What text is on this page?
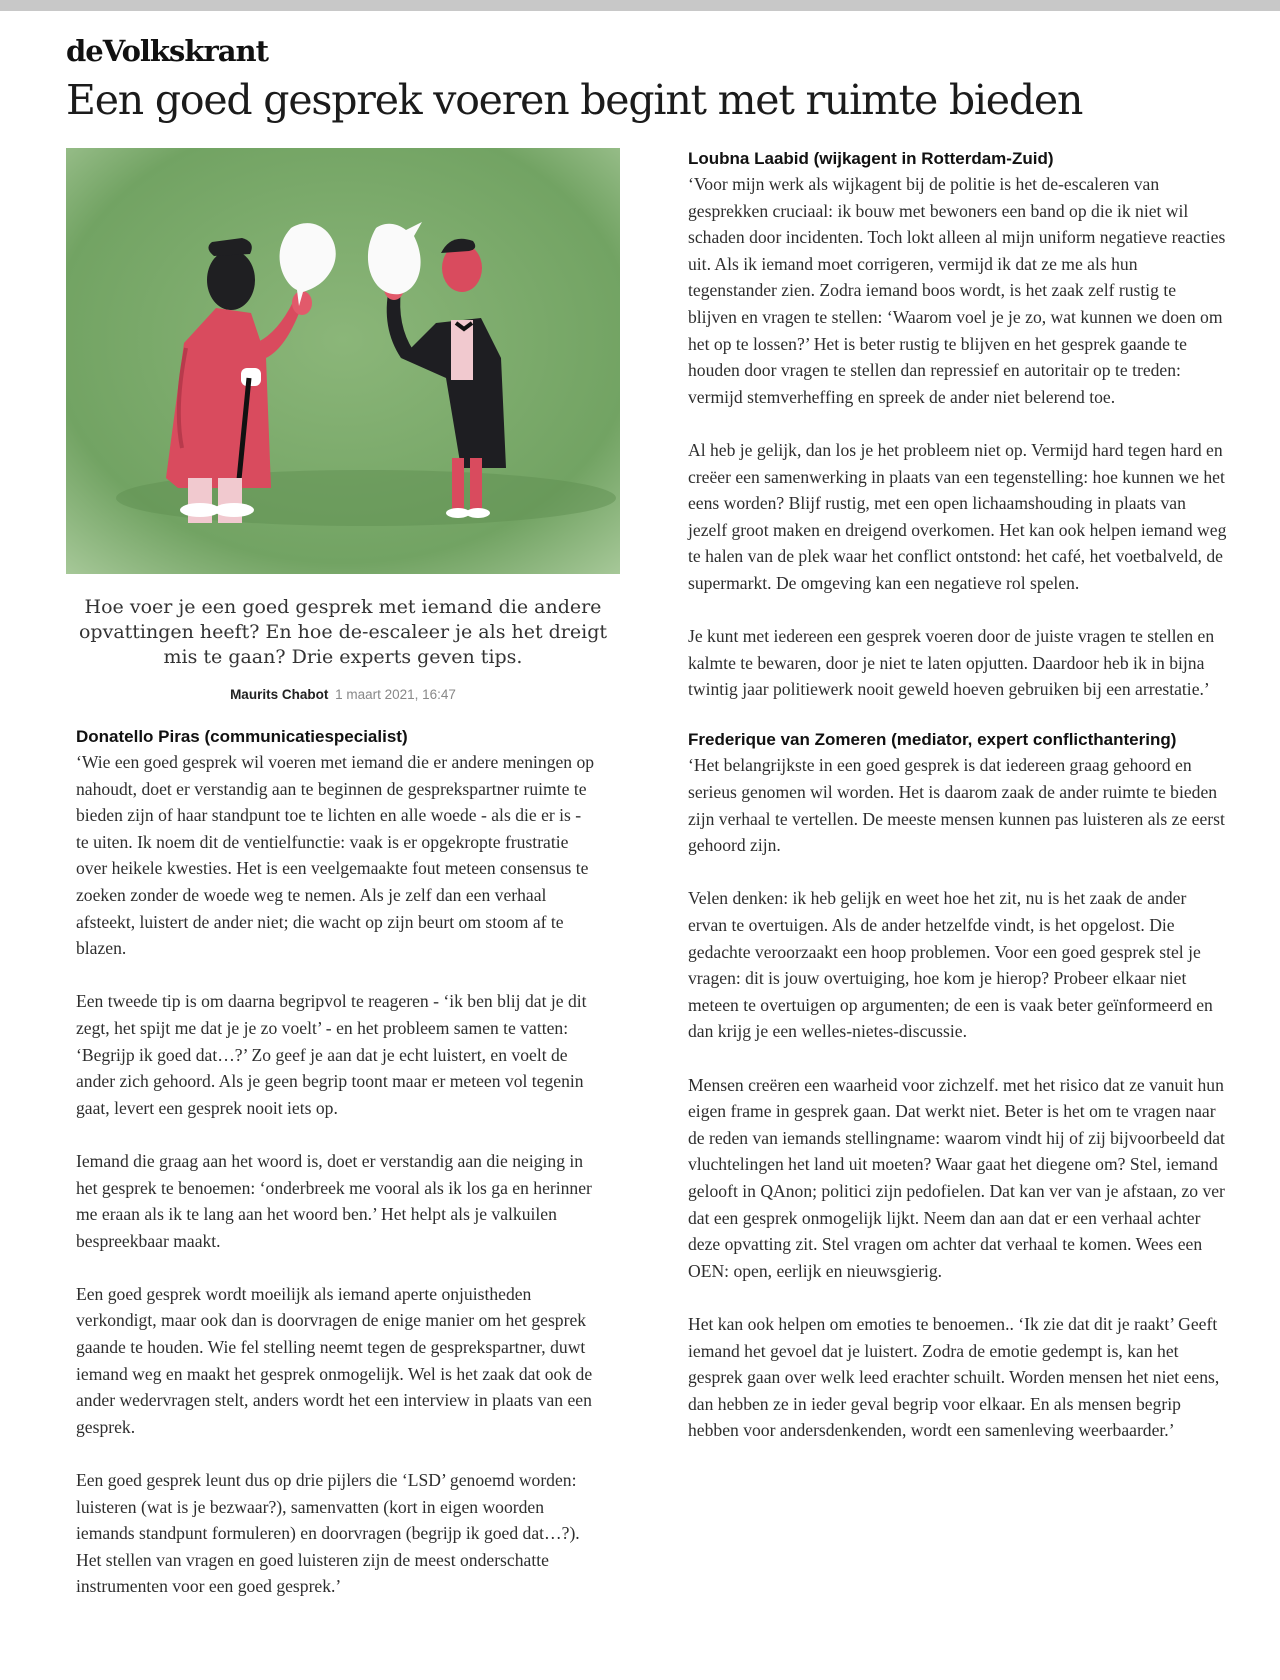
deVolkskrant
Een goed gesprek voeren begint met ruimte bieden

Hoe voer je een goed gesprek met iemand die andere opvattingen heeft? En hoe de-escaleer je als het dreigt mis te gaan? Drie experts geven tips.

Maurits Chabot 1 maart 2021, 16:47
Donatello Piras (communicatiespecialist)

‘Wie een goed gesprek wil voeren met iemand die er andere meningen op nahoudt, doet er verstandig aan te beginnen de gesprekspartner ruimte te bieden zijn of haar standpunt toe te lichten en alle woede - als die er is - te uiten. Ik noem dit de ventielfunctie: vaak is er opgekropte frustratie over heikele kwesties. Het is een veelgemaakte fout meteen consensus te zoeken zonder de woede weg te nemen. Als je zelf dan een verhaal afsteekt, luistert de ander niet; die wacht op zijn beurt om stoom af te blazen.

Een tweede tip is om daarna begripvol te reageren - ‘ik ben blij dat je dit zegt, het spijt me dat je je zo voelt’ - en het probleem samen te vatten: ‘Begrijp ik goed dat…?’ Zo geef je aan dat je echt luistert, en voelt de ander zich gehoord. Als je geen begrip toont maar er meteen vol tegenin gaat, levert een gesprek nooit iets op.

Iemand die graag aan het woord is, doet er verstandig aan die neiging in het gesprek te benoemen: ‘onderbreek me vooral als ik los ga en herinner me eraan als ik te lang aan het woord ben.’ Het helpt als je valkuilen bespreekbaar maakt.

Een goed gesprek wordt moeilijk als iemand aperte onjuistheden verkondigt, maar ook dan is doorvragen de enige manier om het gesprek gaande te houden. Wie fel stelling neemt tegen de gesprekspartner, duwt iemand weg en maakt het gesprek onmogelijk. Wel is het zaak dat ook de ander wedervragen stelt, anders wordt het een interview in plaats van een gesprek.

Een goed gesprek leunt dus op drie pijlers die ‘LSD’ genoemd worden: luisteren (wat is je bezwaar?), samenvatten (kort in eigen woorden iemands standpunt formuleren) en doorvragen (begrijp ik goed dat…?). Het stellen van vragen en goed luisteren zijn de meest onderschatte instrumenten voor een goed gesprek.’

Loubna Laabid (wijkagent in Rotterdam-Zuid)

‘Voor mijn werk als wijkagent bij de politie is het de-escaleren van gesprekken cruciaal: ik bouw met bewoners een band op die ik niet wil schaden door incidenten. Toch lokt alleen al mijn uniform negatieve reacties uit. Als ik iemand moet corrigeren, vermijd ik dat ze me als hun tegenstander zien. Zodra iemand boos wordt, is het zaak zelf rustig te blijven en vragen te stellen: ‘Waarom voel je je zo, wat kunnen we doen om het op te lossen?’ Het is beter rustig te blijven en het gesprek gaande te houden door vragen te stellen dan repressief en autoritair op te treden: vermijd stemverheffing en spreek de ander niet belerend toe.

Al heb je gelijk, dan los je het probleem niet op. Vermijd hard tegen hard en creëer een samenwerking in plaats van een tegenstelling: hoe kunnen we het eens worden? Blijf rustig, met een open lichaamshouding in plaats van jezelf groot maken en dreigend overkomen. Het kan ook helpen iemand weg te halen van de plek waar het conflict ontstond: het café, het voetbalveld, de supermarkt. De omgeving kan een negatieve rol spelen.

Je kunt met iedereen een gesprek voeren door de juiste vragen te stellen en kalmte te bewaren, door je niet te laten opjutten. Daardoor heb ik in bijna twintig jaar politiewerk nooit geweld hoeven gebruiken bij een arrestatie.’

Frederique van Zomeren (mediator, expert conflicthantering)

‘Het belangrijkste in een goed gesprek is dat iedereen graag gehoord en serieus genomen wil worden. Het is daarom zaak de ander ruimte te bieden zijn verhaal te vertellen. De meeste mensen kunnen pas luisteren als ze eerst gehoord zijn.

Velen denken: ik heb gelijk en weet hoe het zit, nu is het zaak de ander ervan te overtuigen. Als de ander hetzelfde vindt, is het opgelost. Die gedachte veroorzaakt een hoop problemen. Voor een goed gesprek stel je vragen: dit is jouw overtuiging, hoe kom je hierop? Probeer elkaar niet meteen te overtuigen op argumenten; de een is vaak beter geïnformeerd en dan krijg je een welles-nietes-discussie.

Mensen creëren een waarheid voor zichzelf. met het risico dat ze vanuit hun eigen frame in gesprek gaan. Dat werkt niet. Beter is het om te vragen naar de reden van iemands stellingname: waarom vindt hij of zij bijvoorbeeld dat vluchtelingen het land uit moeten? Waar gaat het diegene om? Stel, iemand gelooft in QAnon; politici zijn pedofielen. Dat kan ver van je afstaan, zo ver dat een gesprek onmogelijk lijkt. Neem dan aan dat er een verhaal achter deze opvatting zit. Stel vragen om achter dat verhaal te komen. Wees een OEN: open, eerlijk en nieuwsgierig.

Het kan ook helpen om emoties te benoemen.. ‘Ik zie dat dit je raakt’ Geeft iemand het gevoel dat je luistert. Zodra de emotie gedempt is, kan het gesprek gaan over welk leed erachter schuilt. Worden mensen het niet eens, dan hebben ze in ieder geval begrip voor elkaar. En als mensen begrip hebben voor andersdenkenden, wordt een samenleving weerbaarder.’
